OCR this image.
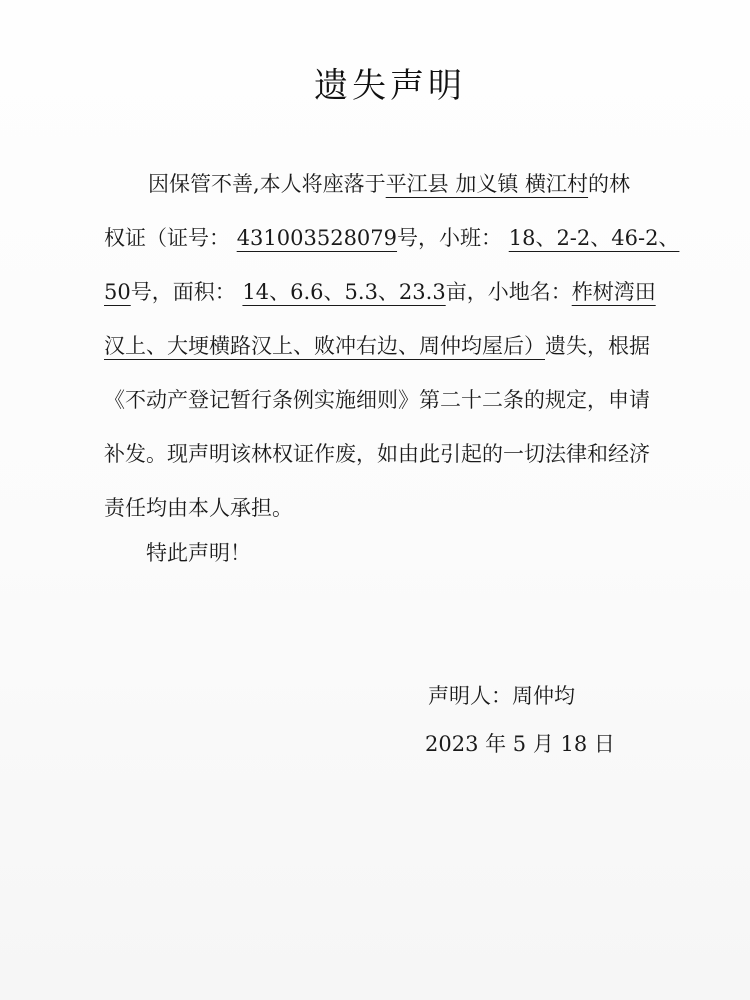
遗失声明
因保管不善,本人将座落于平江县 加义镇 横江村的林
权证（证号： 431003528079号，小班： 18、2-2、46-2、
50号，面积： 14、6.6、5.3、23.3亩，小地名：柞树湾田
汉上、大埂横路汉上、败冲右边、周仲均屋后）遗失，根据
《不动产登记暂行条例实施细则》第二十二条的规定，申请
补发。现声明该林权证作废，如由此引起的一切法律和经济
责任均由本人承担。
特此声明！
声明人：周仲均
2023 年 5 月 18 日
